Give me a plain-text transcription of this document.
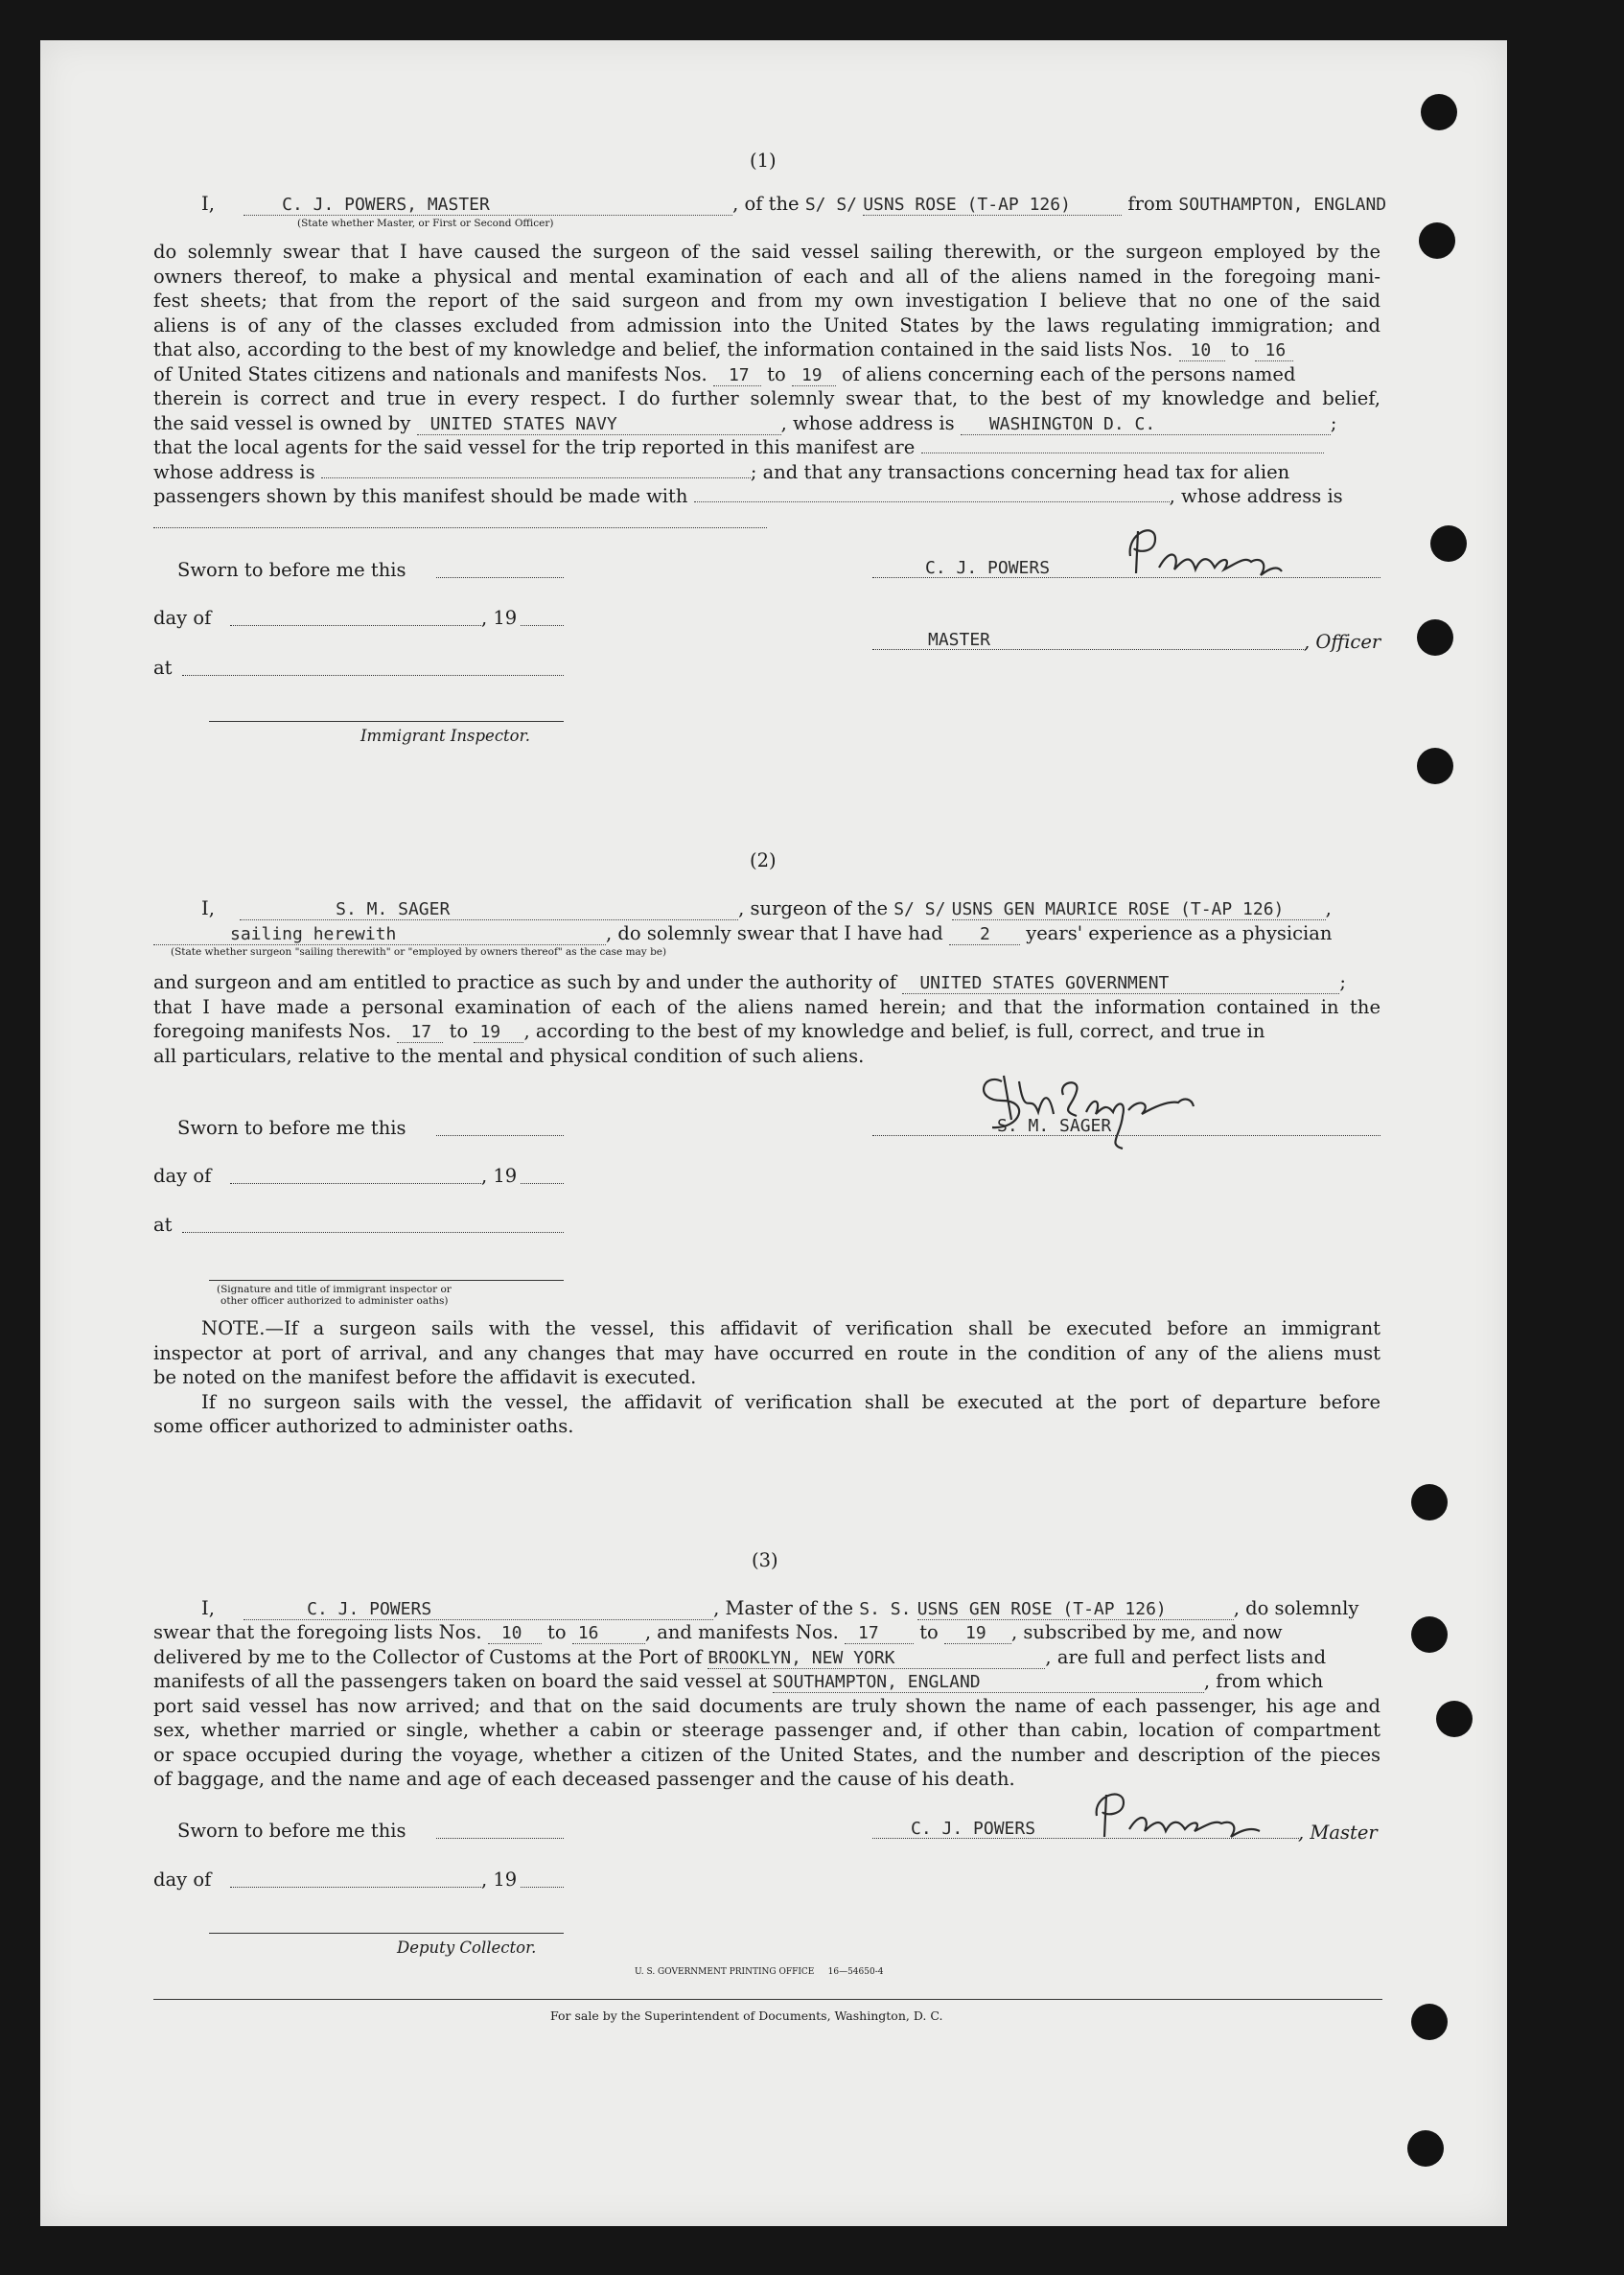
(1)
I,	C. J. POWERS, MASTER	, of the S/ S/ USNS ROSE (T-AP 126)	from SOUTHAMPTON, ENGLAND
(State whether Master, or First or Second Officer)
do solemnly swear that I have caused the surgeon of the said vessel sailing therewith, or the surgeon employed by the
owners thereof, to make a physical and mental examination of each and all of the aliens named in the foregoing mani-
fest sheets; that from the report of the said surgeon and from my own investigation I believe that no one of the said
aliens is of any of the classes excluded from admission into the United States by the laws regulating immigration; and
that also, according to the best of my knowledge and belief, the information contained in the said lists Nos. 10 to 16
of United States citizens and nationals and manifests Nos. 17 to 19 of aliens concerning each of the persons named
therein is correct and true in every respect. I do further solemnly swear that, to the best of my knowledge and belief,
the said vessel is owned by UNITED STATES NAVY	, whose address is WASHINGTON D. C.	;
that the local agents for the said vessel for the trip reported in this manifest are
whose address is	; and that any transactions concerning head tax for alien
passengers shown by this manifest should be made with	, whose address is
Sworn to before me this
day of	, 19
at
Immigrant Inspector.
C. J. POWERS
MASTER	, Officer
(2)
I,	S. M. SAGER	, surgeon of the S/ S/ USNS GEN MAURICE ROSE (T-AP 126) ,
sailing herewith	, do solemnly swear that I have had 2 years' experience as a physician
(State whether surgeon "sailing therewith" or "employed by owners thereof" as the case may be)
and surgeon and am entitled to practice as such by and under the authority of UNITED STATES GOVERNMENT	;
that I have made a personal examination of each of the aliens named herein; and that the information contained in the
foregoing manifests Nos. 17 to 19 , according to the best of my knowledge and belief, is full, correct, and true in
all particulars, relative to the mental and physical condition of such aliens.
Sworn to before me this
day of	, 19
at
(Signature and title of immigrant inspector or
other officer authorized to administer oaths)
S. M. SAGER
NOTE.—If a surgeon sails with the vessel, this affidavit of verification shall be executed before an immigrant
inspector at port of arrival, and any changes that may have occurred en route in the condition of any of the aliens must
be noted on the manifest before the affidavit is executed.
If no surgeon sails with the vessel, the affidavit of verification shall be executed at the port of departure before
some officer authorized to administer oaths.
(3)
I,	C. J. POWERS	, Master of the S. S. USNS GEN ROSE (T-AP 126)	, do solemnly
swear that the foregoing lists Nos. 10 to 16 , and manifests Nos. 17 to 19 , subscribed by me, and now
delivered by me to the Collector of Customs at the Port of BROOKLYN, NEW YORK	, are full and perfect lists and
manifests of all the passengers taken on board the said vessel at SOUTHAMPTON, ENGLAND	, from which
port said vessel has now arrived; and that on the said documents are truly shown the name of each passenger, his age and
sex, whether married or single, whether a cabin or steerage passenger and, if other than cabin, location of compartment
or space occupied during the voyage, whether a citizen of the United States, and the number and description of the pieces
of baggage, and the name and age of each deceased passenger and the cause of his death.
Sworn to before me this
day of	, 19
Deputy Collector.
C. J. POWERS	, Master
U. S. GOVERNMENT PRINTING OFFICE     16—54650-4
For sale by the Superintendent of Documents, Washington, D. C.
